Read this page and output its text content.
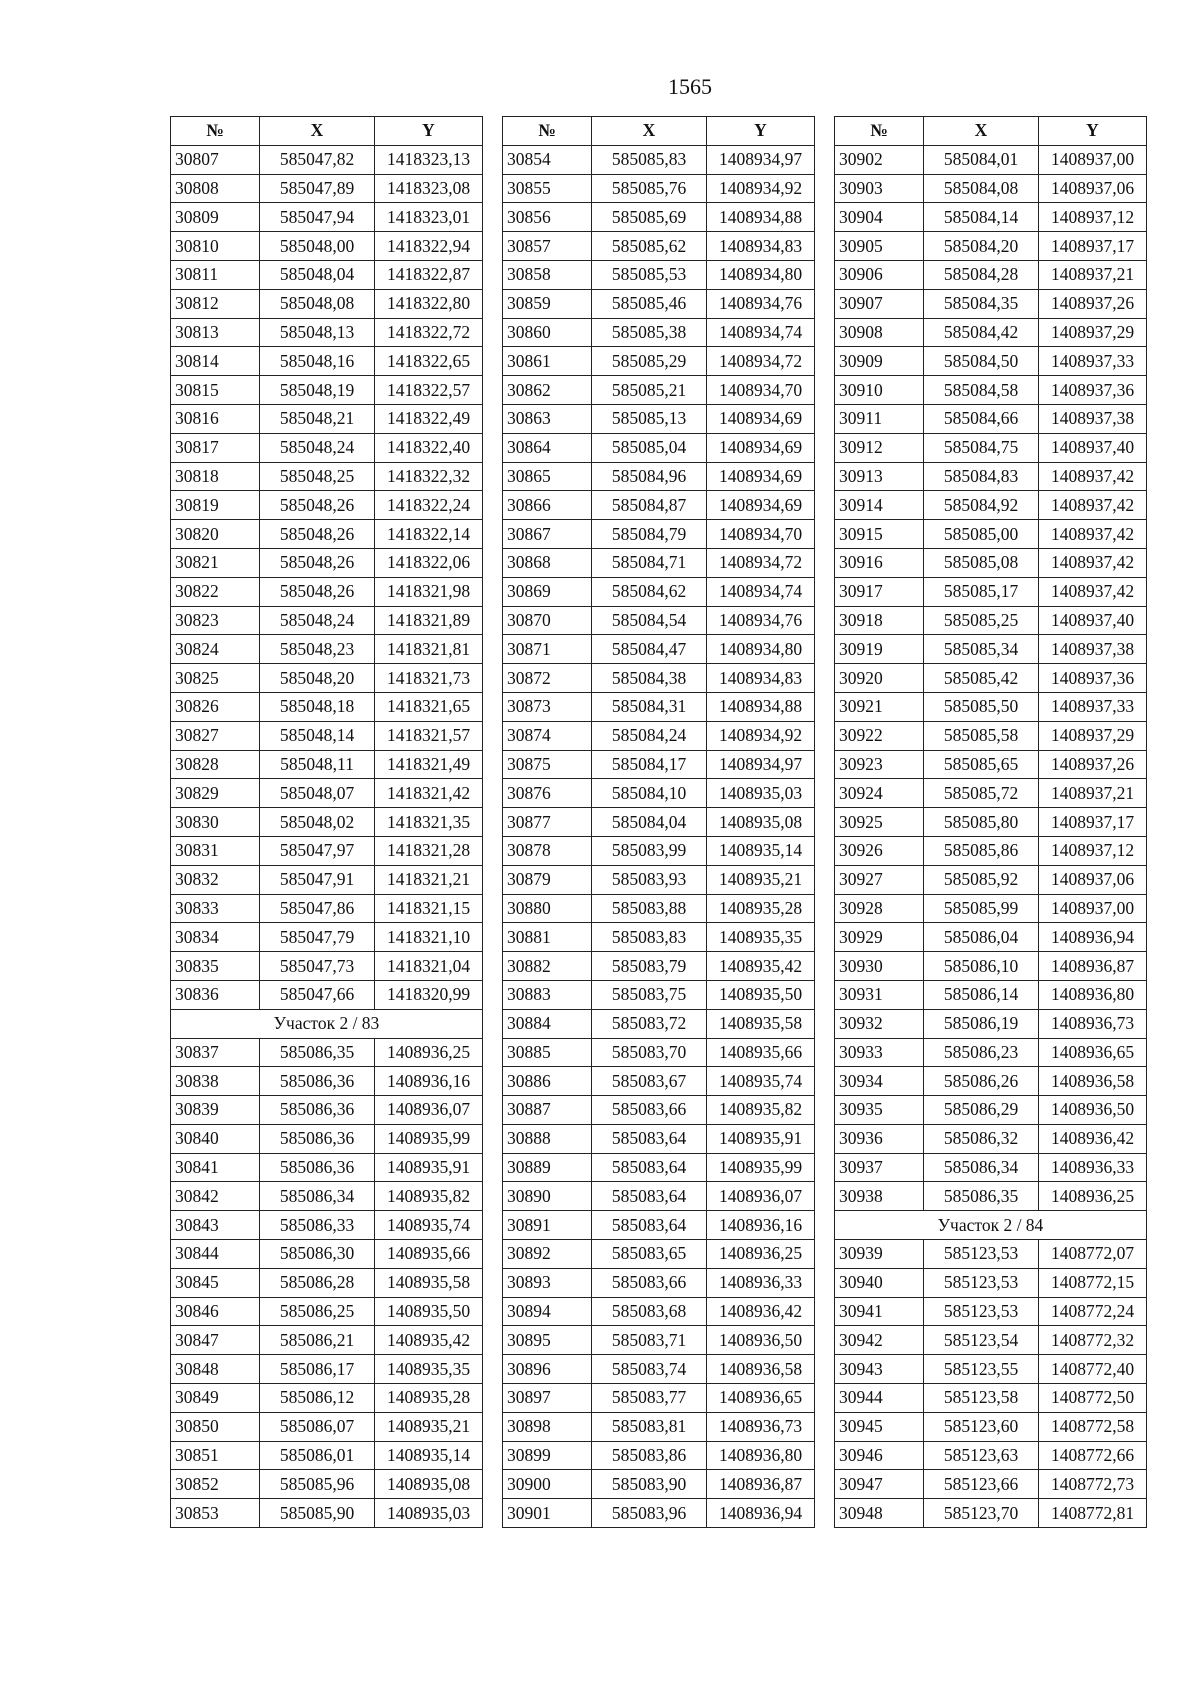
1565
№	X	Y
30807	585047,82	1418323,13
30808	585047,89	1418323,08
30809	585047,94	1418323,01
30810	585048,00	1418322,94
30811	585048,04	1418322,87
30812	585048,08	1418322,80
30813	585048,13	1418322,72
30814	585048,16	1418322,65
30815	585048,19	1418322,57
30816	585048,21	1418322,49
30817	585048,24	1418322,40
30818	585048,25	1418322,32
30819	585048,26	1418322,24
30820	585048,26	1418322,14
30821	585048,26	1418322,06
30822	585048,26	1418321,98
30823	585048,24	1418321,89
30824	585048,23	1418321,81
30825	585048,20	1418321,73
30826	585048,18	1418321,65
30827	585048,14	1418321,57
30828	585048,11	1418321,49
30829	585048,07	1418321,42
30830	585048,02	1418321,35
30831	585047,97	1418321,28
30832	585047,91	1418321,21
30833	585047,86	1418321,15
30834	585047,79	1418321,10
30835	585047,73	1418321,04
30836	585047,66	1418320,99
Участок 2 / 83		
30837	585086,35	1408936,25
30838	585086,36	1408936,16
30839	585086,36	1408936,07
30840	585086,36	1408935,99
30841	585086,36	1408935,91
30842	585086,34	1408935,82
30843	585086,33	1408935,74
30844	585086,30	1408935,66
30845	585086,28	1408935,58
30846	585086,25	1408935,50
30847	585086,21	1408935,42
30848	585086,17	1408935,35
30849	585086,12	1408935,28
30850	585086,07	1408935,21
30851	585086,01	1408935,14
30852	585085,96	1408935,08
30853	585085,90	1408935,03
№	X	Y
30854	585085,83	1408934,97
30855	585085,76	1408934,92
30856	585085,69	1408934,88
30857	585085,62	1408934,83
30858	585085,53	1408934,80
30859	585085,46	1408934,76
30860	585085,38	1408934,74
30861	585085,29	1408934,72
30862	585085,21	1408934,70
30863	585085,13	1408934,69
30864	585085,04	1408934,69
30865	585084,96	1408934,69
30866	585084,87	1408934,69
30867	585084,79	1408934,70
30868	585084,71	1408934,72
30869	585084,62	1408934,74
30870	585084,54	1408934,76
30871	585084,47	1408934,80
30872	585084,38	1408934,83
30873	585084,31	1408934,88
30874	585084,24	1408934,92
30875	585084,17	1408934,97
30876	585084,10	1408935,03
30877	585084,04	1408935,08
30878	585083,99	1408935,14
30879	585083,93	1408935,21
30880	585083,88	1408935,28
30881	585083,83	1408935,35
30882	585083,79	1408935,42
30883	585083,75	1408935,50
30884	585083,72	1408935,58
30885	585083,70	1408935,66
30886	585083,67	1408935,74
30887	585083,66	1408935,82
30888	585083,64	1408935,91
30889	585083,64	1408935,99
30890	585083,64	1408936,07
30891	585083,64	1408936,16
30892	585083,65	1408936,25
30893	585083,66	1408936,33
30894	585083,68	1408936,42
30895	585083,71	1408936,50
30896	585083,74	1408936,58
30897	585083,77	1408936,65
30898	585083,81	1408936,73
30899	585083,86	1408936,80
30900	585083,90	1408936,87
30901	585083,96	1408936,94
№	X	Y
30902	585084,01	1408937,00
30903	585084,08	1408937,06
30904	585084,14	1408937,12
30905	585084,20	1408937,17
30906	585084,28	1408937,21
30907	585084,35	1408937,26
30908	585084,42	1408937,29
30909	585084,50	1408937,33
30910	585084,58	1408937,36
30911	585084,66	1408937,38
30912	585084,75	1408937,40
30913	585084,83	1408937,42
30914	585084,92	1408937,42
30915	585085,00	1408937,42
30916	585085,08	1408937,42
30917	585085,17	1408937,42
30918	585085,25	1408937,40
30919	585085,34	1408937,38
30920	585085,42	1408937,36
30921	585085,50	1408937,33
30922	585085,58	1408937,29
30923	585085,65	1408937,26
30924	585085,72	1408937,21
30925	585085,80	1408937,17
30926	585085,86	1408937,12
30927	585085,92	1408937,06
30928	585085,99	1408937,00
30929	585086,04	1408936,94
30930	585086,10	1408936,87
30931	585086,14	1408936,80
30932	585086,19	1408936,73
30933	585086,23	1408936,65
30934	585086,26	1408936,58
30935	585086,29	1408936,50
30936	585086,32	1408936,42
30937	585086,34	1408936,33
30938	585086,35	1408936,25
Участок 2 / 84		
30939	585123,53	1408772,07
30940	585123,53	1408772,15
30941	585123,53	1408772,24
30942	585123,54	1408772,32
30943	585123,55	1408772,40
30944	585123,58	1408772,50
30945	585123,60	1408772,58
30946	585123,63	1408772,66
30947	585123,66	1408772,73
30948	585123,70	1408772,81
